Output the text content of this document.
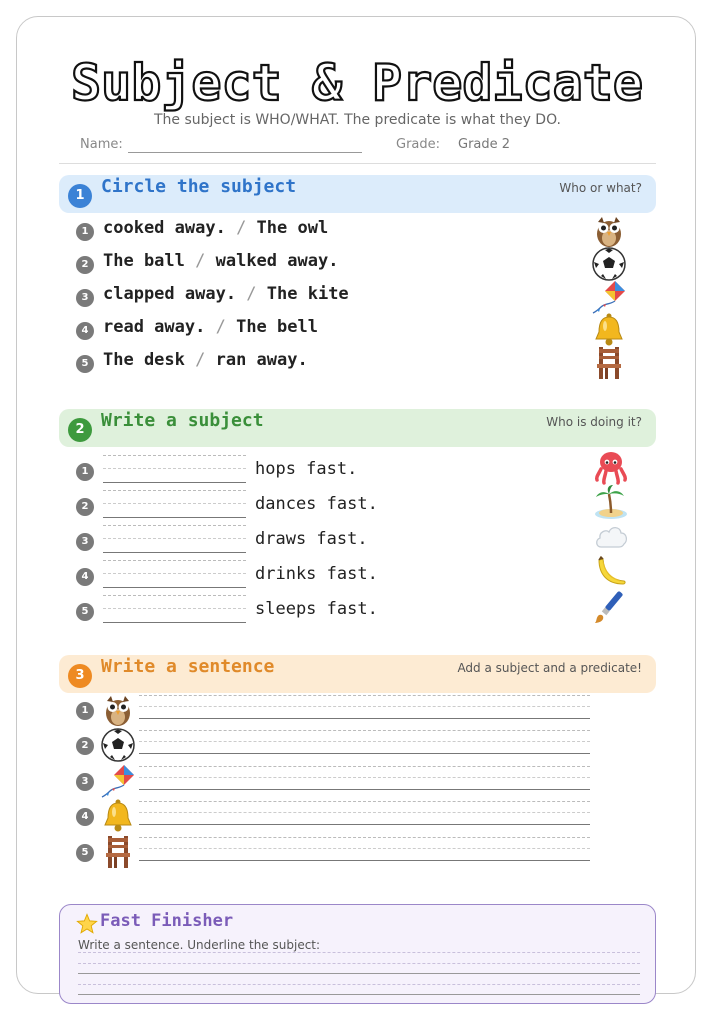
Subject & Predicate
The subject is WHO/WHAT. The predicate is what they DO.
Name:	Grade: Grade 2
1 Circle the subject	Who or what?
1 cooked away. / The owl
2 The ball / walked away.
3 clapped away. / The kite
4 read away. / The bell
5 The desk / ran away.
2 Write a subject	Who is doing it?
1	hops fast.
2	dances fast.
3	draws fast.
4	drinks fast.
5	sleeps fast.
3 Write a sentence	Add a subject and a predicate!
1
2
3
4
5
Fast Finisher
Write a sentence. Underline the subject:
